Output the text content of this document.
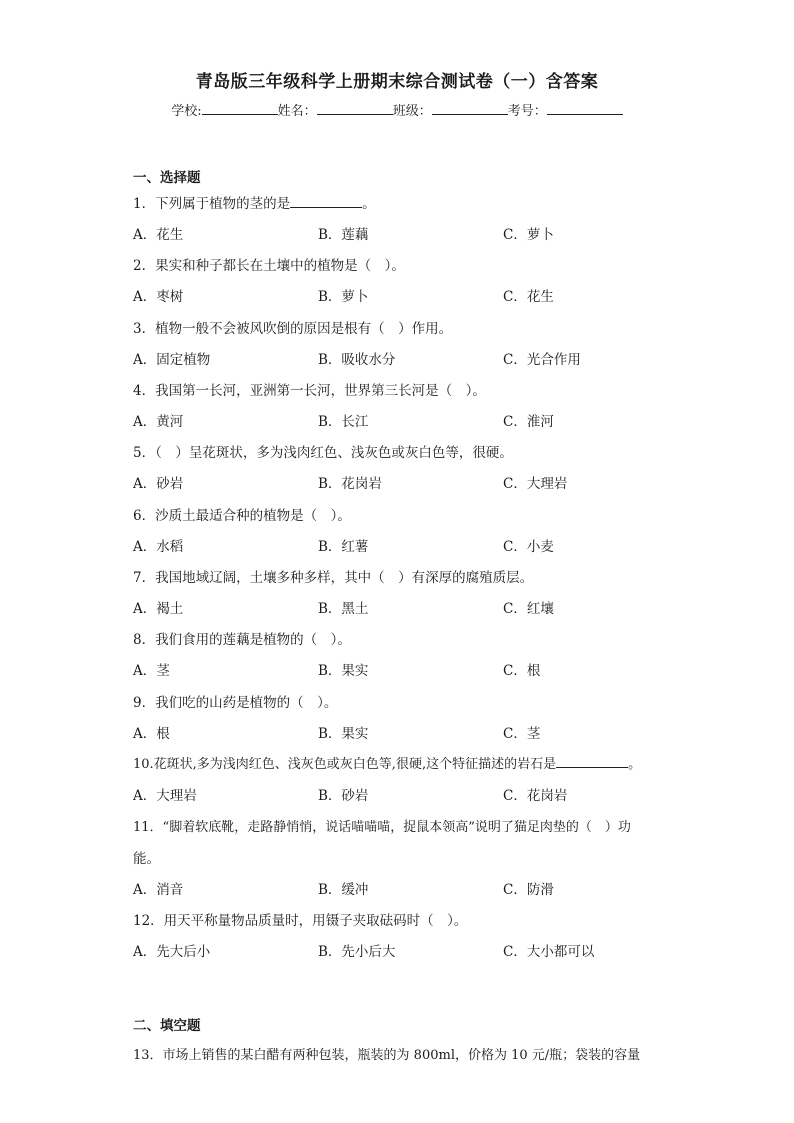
青岛版三年级科学上册期末综合测试卷（一）含答案
学校:	姓名：	班级：	考号：
一、选择题
1．下列属于植物的茎的是	。
A．花生	B．莲藕	C．萝卜
2．果实和种子都长在土壤中的植物是（　）。
A．枣树	B．萝卜	C．花生
3．植物一般不会被风吹倒的原因是根有（　）作用。
A．固定植物	B．吸收水分	C．光合作用
4．我国第一长河，亚洲第一长河，世界第三长河是（　）。
A．黄河	B．长江	C．淮河
5．（　）呈花斑状，多为浅肉红色、浅灰色或灰白色等，很硬。
A．砂岩	B．花岗岩	C．大理岩
6．沙质土最适合种的植物是（　）。
A．水稻	B．红薯	C．小麦
7．我国地域辽阔，土壤多种多样，其中（　）有深厚的腐殖质层。
A．褐土	B．黑土	C．红壤
8．我们食用的莲藕是植物的（　）。
A．茎	B．果实	C．根
9．我们吃的山药是植物的（　）。
A．根	B．果实	C．茎
10.花斑状,多为浅肉红色、浅灰色或灰白色等,很硬,这个特征描述的岩石是	。
A．大理岩	B．砂岩	C．花岗岩
11．“脚着软底靴，走路静悄悄，说话喵喵喵，捉鼠本领高”说明了猫足肉垫的（　）功
能。
A．消音	B．缓冲	C．防滑
12．用天平称量物品质量时，用镊子夹取砝码时（　）。
A．先大后小	B．先小后大	C．大小都可以
二、填空题
13．市场上销售的某白醋有两种包装，瓶装的为 800ml，价格为 10 元/瓶；袋装的容量
